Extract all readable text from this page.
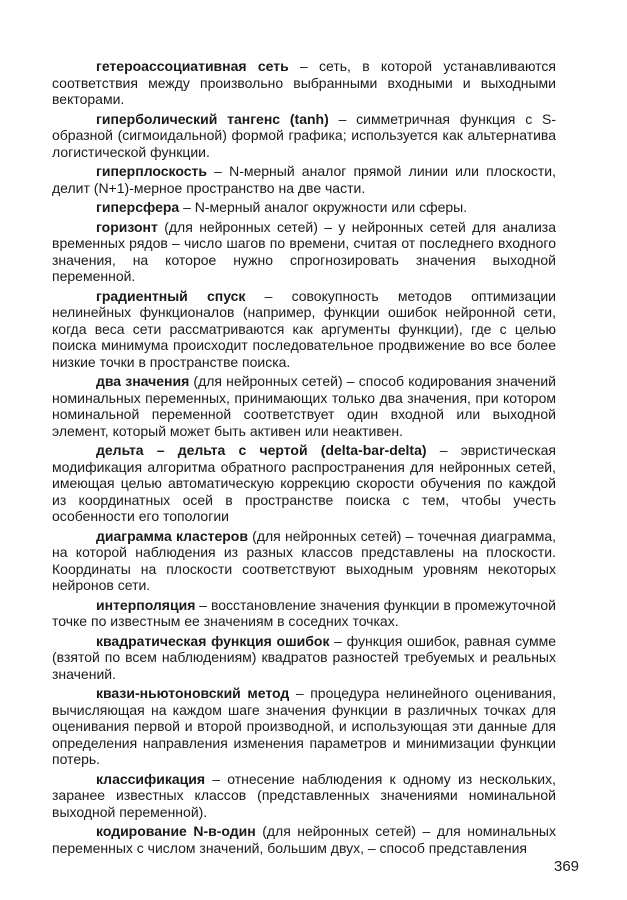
гетероассоциативная сеть – сеть, в которой устанавливаются соответствия между произвольно выбранными входными и выходными векторами.

гиперболический тангенс (tanh) – симметричная функция с S-образной (сигмоидальной) формой графика; используется как альтернатива логистической функции.

гиперплоскость – N-мерный аналог прямой линии или плоскости, делит (N+1)-мерное пространство на две части.

гиперсфера – N-мерный аналог окружности или сферы.

горизонт (для нейронных сетей) – у нейронных сетей для анализа временных рядов – число шагов по времени, считая от последнего входного значения, на которое нужно спрогнозировать значения выходной переменной.

градиентный спуск – совокупность методов оптимизации нелинейных функционалов (например, функции ошибок нейронной сети, когда веса сети рассматриваются как аргументы функции), где с целью поиска минимума происходит последовательное продвижение во все более низкие точки в пространстве поиска.

два значения (для нейронных сетей) – способ кодирования значений номинальных переменных, принимающих только два значения, при котором номинальной переменной соответствует один входной или выходной элемент, который может быть активен или неактивен.

дельта – дельта с чертой (delta-bar-delta) – эвристическая модификация алгоритма обратного распространения для нейронных сетей, имеющая целью автоматическую коррекцию скорости обучения по каждой из координатных осей в пространстве поиска с тем, чтобы учесть особенности его топологии

диаграмма кластеров (для нейронных сетей) – точечная диаграмма, на которой наблюдения из разных классов представлены на плоскости. Координаты на плоскости соответствуют выходным уровням некоторых нейронов сети.

интерполяция – восстановление значения функции в промежуточной точке по известным ее значениям в соседних точках.

квадратическая функция ошибок – функция ошибок, равная сумме (взятой по всем наблюдениям) квадратов разностей требуемых и реальных значений.

квази-ньютоновский метод – процедура нелинейного оценивания, вычисляющая на каждом шаге значения функции в различных точках для оценивания первой и второй производной, и использующая эти данные для определения направления изменения параметров и минимизации функции потерь.

классификация – отнесение наблюдения к одному из нескольких, заранее известных классов (представленных значениями номинальной выходной переменной).

кодирование N-в-один (для нейронных сетей) – для номинальных переменных с числом значений, большим двух, – способ представления

369
